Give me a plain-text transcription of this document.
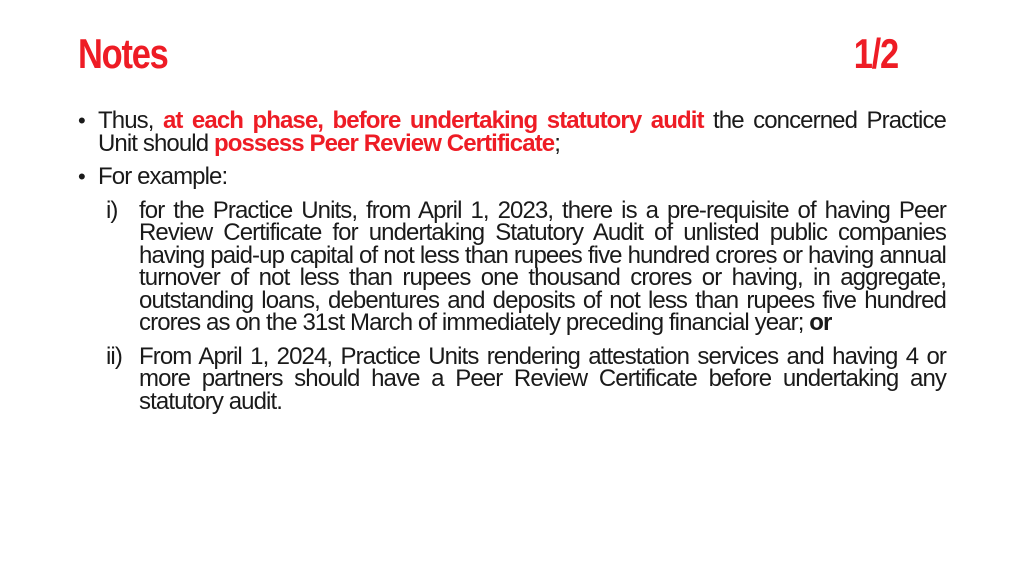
Notes	1/2
• Thus, at each phase, before undertaking statutory audit the concerned Practice Unit should possess Peer Review Certificate;
• For example:
i) for the Practice Units, from April 1, 2023, there is a pre-requisite of having Peer Review Certificate for undertaking Statutory Audit of unlisted public companies having paid-up capital of not less than rupees five hundred crores or having annual turnover of not less than rupees one thousand crores or having, in aggregate, outstanding loans, debentures and deposits of not less than rupees five hundred crores as on the 31st March of immediately preceding financial year; or
ii) From April 1, 2024, Practice Units rendering attestation services and having 4 or more partners should have a Peer Review Certificate before undertaking any statutory audit.
